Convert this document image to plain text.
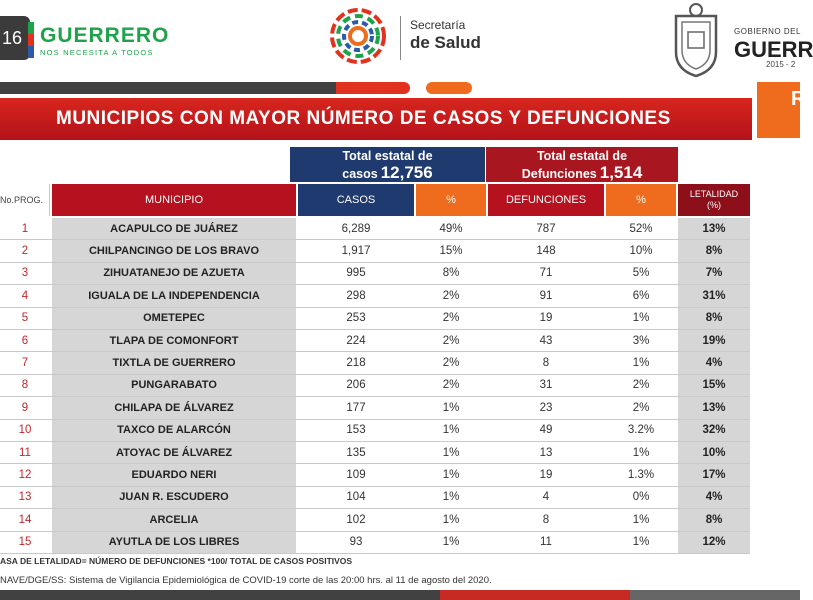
16 GUERRERO
NOS NECESITA A TODOS
Secretaría
de Salud
GOBIERNO DEL
GUERR
2015 - 2
MUNICIPIOS CON MAYOR NÚMERO DE CASOS Y DEFUNCIONES
R
Total estatal de
casos 12,756
Total estatal de
Defunciones 1,514
No.PROG.	MUNICIPIO	CASOS	%	DEFUNCIONES	%	LETALIDAD
(%)
1	ACAPULCO DE JUÁREZ	6,289	49%	787	52%	13%
2	CHILPANCINGO DE LOS BRAVO	1,917	15%	148	10%	8%
3	ZIHUATANEJO DE AZUETA	995	8%	71	5%	7%
4	IGUALA DE LA INDEPENDENCIA	298	2%	91	6%	31%
5	OMETEPEC	253	2%	19	1%	8%
6	TLAPA DE COMONFORT	224	2%	43	3%	19%
7	TIXTLA DE GUERRERO	218	2%	8	1%	4%
8	PUNGARABATO	206	2%	31	2%	15%
9	CHILAPA DE ÁLVAREZ	177	1%	23	2%	13%
10	TAXCO DE ALARCÓN	153	1%	49	3.2%	32%
11	ATOYAC DE ÁLVAREZ	135	1%	13	1%	10%
12	EDUARDO NERI	109	1%	19	1.3%	17%
13	JUAN R. ESCUDERO	104	1%	4	0%	4%
14	ARCELIA	102	1%	8	1%	8%
15	AYUTLA DE LOS LIBRES	93	1%	11	1%	12%
ASA DE LETALIDAD= NÚMERO DE DEFUNCIONES *100/ TOTAL DE CASOS POSITIVOS
NAVE/DGE/SS: Sistema de Vigilancia Epidemiológica de COVID-19 corte de las 20:00 hrs. al 11 de agosto del 2020.
